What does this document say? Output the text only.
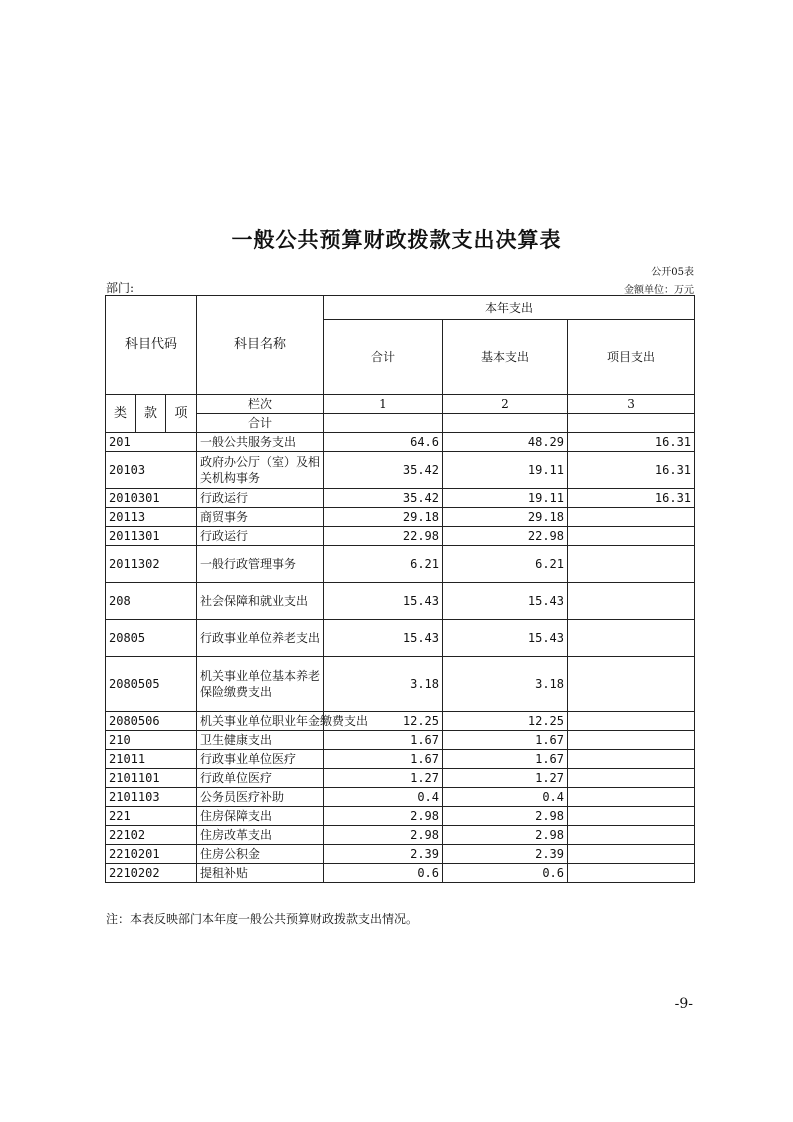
一般公共预算财政拨款支出决算表
公开05表
部门:	金额单位：万元
科目代码			科目名称	本年支出		
				合计	基本支出	项目支出
类	款	项	栏次	1	2	3
			合计			
201			一般公共服务支出	64.6	48.29	16.31
20103			政府办公厅（室）及相关机构事务	35.42	19.11	16.31
2010301			行政运行	35.42	19.11	16.31
20113			商贸事务	29.18	29.18	
2011301			行政运行	22.98	22.98	
2011302			一般行政管理事务	6.21	6.21	
208			社会保障和就业支出	15.43	15.43	
20805			行政事业单位养老支出	15.43	15.43	
2080505			机关事业单位基本养老保险缴费支出	3.18	3.18	
2080506			机关事业单位职业年金缴费支出	12.25	12.25	
210			卫生健康支出	1.67	1.67	
21011			行政事业单位医疗	1.67	1.67	
2101101			行政单位医疗	1.27	1.27	
2101103			公务员医疗补助	0.4	0.4	
221			住房保障支出	2.98	2.98	
22102			住房改革支出	2.98	2.98	
2210201			住房公积金	2.39	2.39	
2210202			提租补贴	0.6	0.6	
注：本表反映部门本年度一般公共预算财政拨款支出情况。
-9-
